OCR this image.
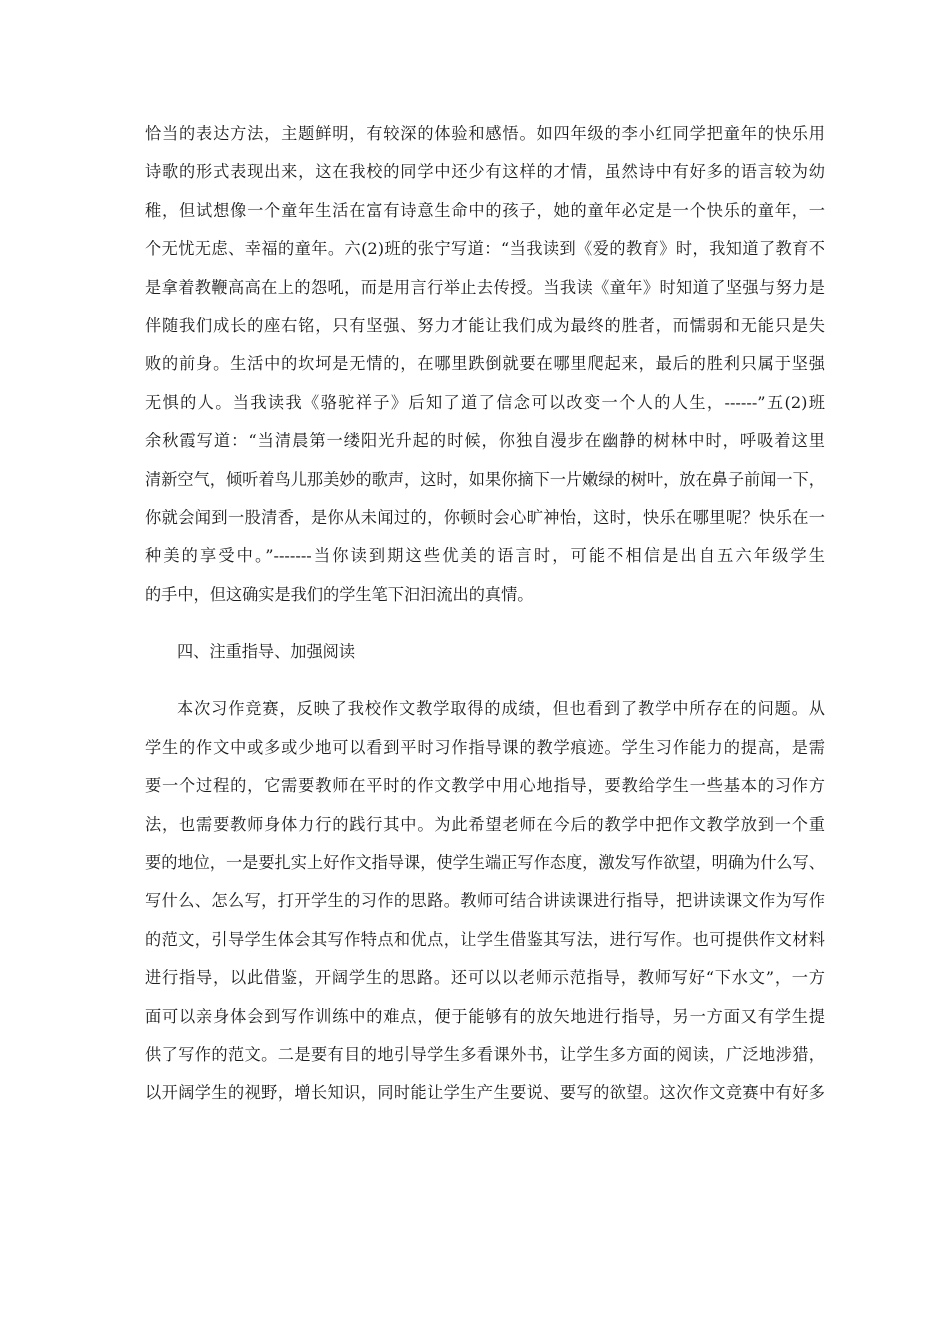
恰当的表达方法，主题鲜明，有较深的体验和感悟。如四年级的李小红同学把童年的快乐用
诗歌的形式表现出来，这在我校的同学中还少有这样的才情，虽然诗中有好多的语言较为幼
稚，但试想像一个童年生活在富有诗意生命中的孩子，她的童年必定是一个快乐的童年，一
个无忧无虑、幸福的童年。六(2)班的张宁写道：“当我读到《爱的教育》时，我知道了教育不
是拿着教鞭高高在上的怨吼，而是用言行举止去传授。当我读《童年》时知道了坚强与努力是
伴随我们成长的座右铭，只有坚强、努力才能让我们成为最终的胜者，而懦弱和无能只是失
败的前身。生活中的坎坷是无情的，在哪里跌倒就要在哪里爬起来，最后的胜利只属于坚强
无惧的人。当我读我《骆驼祥子》后知了道了信念可以改变一个人的人生，------”五(2)班
余秋霞写道：“当清晨第一缕阳光升起的时候，你独自漫步在幽静的树林中时，呼吸着这里
清新空气，倾听着鸟儿那美妙的歌声，这时，如果你摘下一片嫩绿的树叶，放在鼻子前闻一下，
你就会闻到一股清香，是你从未闻过的，你顿时会心旷神怡，这时，快乐在哪里呢？快乐在一
种美的享受中。”-------当你读到期这些优美的语言时，可能不相信是出自五六年级学生
的手中，但这确实是我们的学生笔下汩汩流出的真情。
四、注重指导、加强阅读
本次习作竞赛，反映了我校作文教学取得的成绩，但也看到了教学中所存在的问题。从
学生的作文中或多或少地可以看到平时习作指导课的教学痕迹。学生习作能力的提高，是需
要一个过程的，它需要教师在平时的作文教学中用心地指导，要教给学生一些基本的习作方
法，也需要教师身体力行的践行其中。为此希望老师在今后的教学中把作文教学放到一个重
要的地位，一是要扎实上好作文指导课，使学生端正写作态度，激发写作欲望，明确为什么写、
写什么、怎么写，打开学生的习作的思路。教师可结合讲读课进行指导，把讲读课文作为写作
的范文，引导学生体会其写作特点和优点，让学生借鉴其写法，进行写作。也可提供作文材料
进行指导，以此借鉴，开阔学生的思路。还可以以老师示范指导，教师写好“下水文”，一方
面可以亲身体会到写作训练中的难点，便于能够有的放矢地进行指导，另一方面又有学生提
供了写作的范文。二是要有目的地引导学生多看课外书，让学生多方面的阅读，广泛地涉猎，
以开阔学生的视野，增长知识，同时能让学生产生要说、要写的欲望。这次作文竞赛中有好多
